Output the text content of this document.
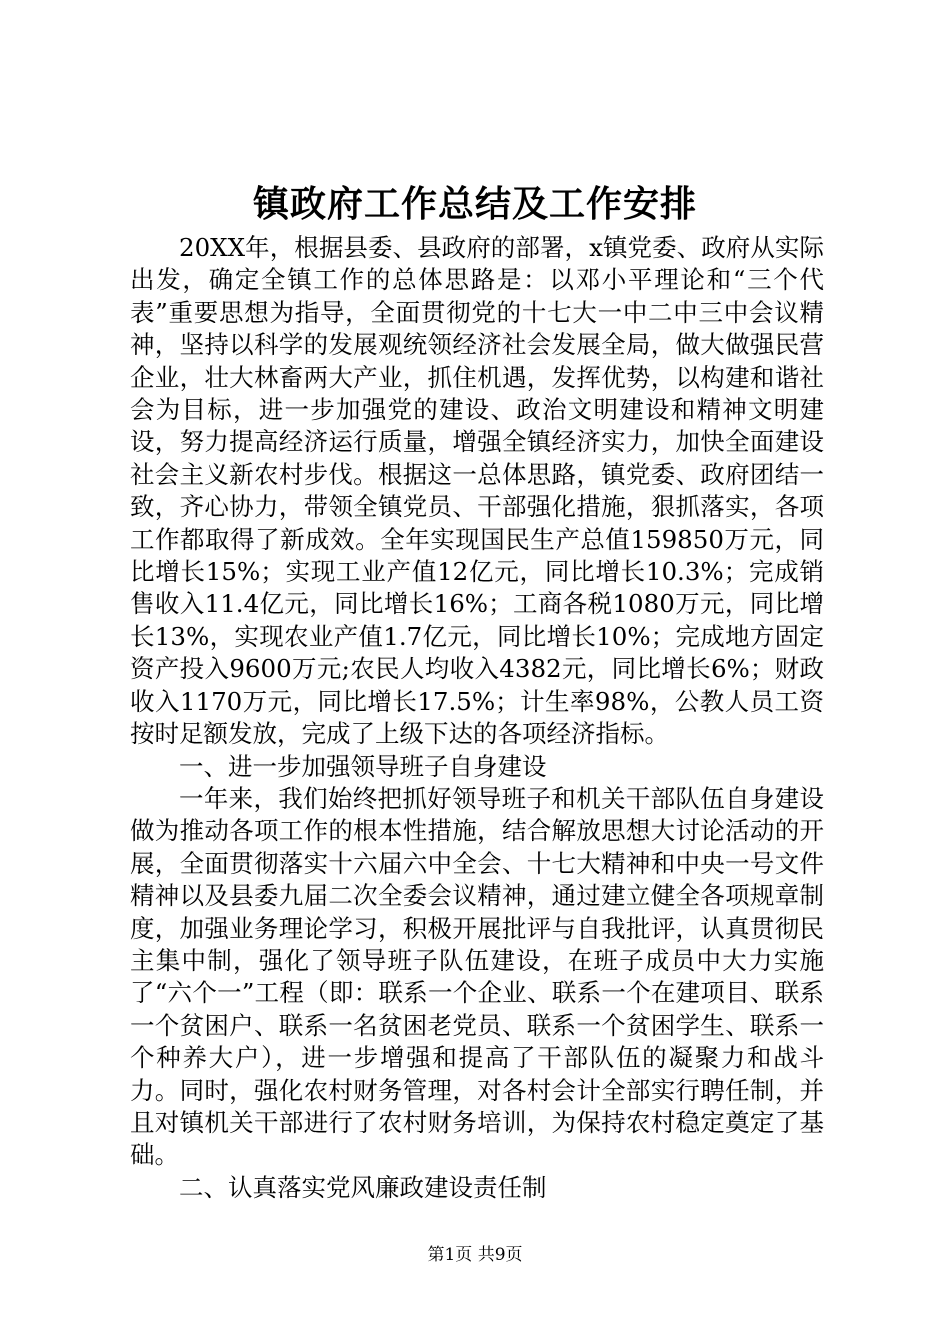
镇政府工作总结及工作安排

20XX年，根据县委、县政府的部署，x镇党委、政府从实际出发，确定全镇工作的总体思路是：以邓小平理论和“三个代表”重要思想为指导，全面贯彻党的十七大一中二中三中会议精神，坚持以科学的发展观统领经济社会发展全局，做大做强民营企业，壮大林畜两大产业，抓住机遇，发挥优势，以构建和谐社会为目标，进一步加强党的建设、政治文明建设和精神文明建设，努力提高经济运行质量，增强全镇经济实力，加快全面建设社会主义新农村步伐。根据这一总体思路，镇党委、政府团结一致，齐心协力，带领全镇党员、干部强化措施，狠抓落实，各项工作都取得了新成效。全年实现国民生产总值159850万元，同比增长15%；实现工业产值12亿元，同比增长10.3%；完成销售收入11.4亿元，同比增长16%；工商各税1080万元，同比增长13%，实现农业产值1.7亿元，同比增长10%；完成地方固定资产投入9600万元;农民人均收入4382元，同比增长6%；财政收入1170万元，同比增长17.5%；计生率98%，公教人员工资按时足额发放，完成了上级下达的各项经济指标。

一、进一步加强领导班子自身建设

一年来，我们始终把抓好领导班子和机关干部队伍自身建设做为推动各项工作的根本性措施，结合解放思想大讨论活动的开展，全面贯彻落实十六届六中全会、十七大精神和中央一号文件精神以及县委九届二次全委会议精神，通过建立健全各项规章制度，加强业务理论学习，积极开展批评与自我批评，认真贯彻民主集中制，强化了领导班子队伍建设，在班子成员中大力实施了“六个一”工程（即：联系一个企业、联系一个在建项目、联系一个贫困户、联系一名贫困老党员、联系一个贫困学生、联系一个种养大户），进一步增强和提高了干部队伍的凝聚力和战斗力。同时，强化农村财务管理，对各村会计全部实行聘任制，并且对镇机关干部进行了农村财务培训，为保持农村稳定奠定了基础。

二、认真落实党风廉政建设责任制

第1页 共9页
